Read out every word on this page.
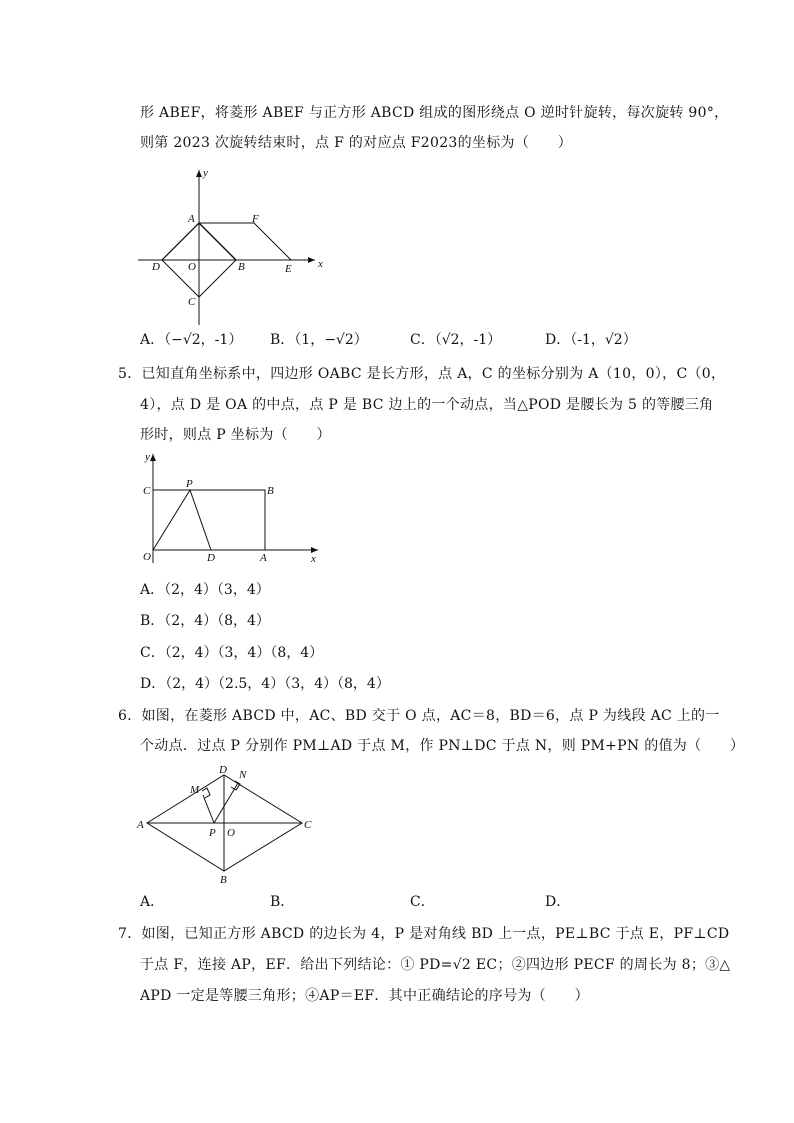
形 ABEF，将菱形 ABEF 与正方形 ABCD 组成的图形绕点 O 逆时针旋转，每次旋转 90°，
则第 2023 次旋转结束时，点 F 的对应点 F2023的坐标为（　　）
y
x
A	F
D	O	B	E
C
A．（−√2，-1） B．（1，−√2）	C．（√2，-1）	D．（-1，√2）
5．已知直角坐标系中，四边形 OABC 是长方形，点 A，C 的坐标分别为 A（10，0），C（0，
4），点 D 是 OA 的中点，点 P 是 BC 边上的一个动点，当△POD 是腰长为 5 的等腰三角
形时，则点 P 坐标为（　　）
y
x
C
P
B
O	D	A
A．（2，4）（3，4）
B．（2，4）（8，4）
C．（2，4）（3，4）（8，4）
D．（2，4）（2.5，4）（3，4）（8，4）
6．如图，在菱形 ABCD 中，AC、BD 交于 O 点，AC＝8，BD＝6，点 P 为线段 AC 上的一
个动点．过点 P 分别作 PM⊥AD 于点 M，作 PN⊥DC 于点 N，则 PM+PN 的值为（　　）
A
D N
M
P O
C
B
A．	B．	C．	D．
7．如图，已知正方形 ABCD 的边长为 4，P 是对角线 BD 上一点，PE⊥BC 于点 E，PF⊥CD
于点 F，连接 AP，EF．给出下列结论：① PD=√2 EC；②四边形 PECF 的周长为 8；③△
APD 一定是等腰三角形；④AP＝EF．其中正确结论的序号为（　　）
